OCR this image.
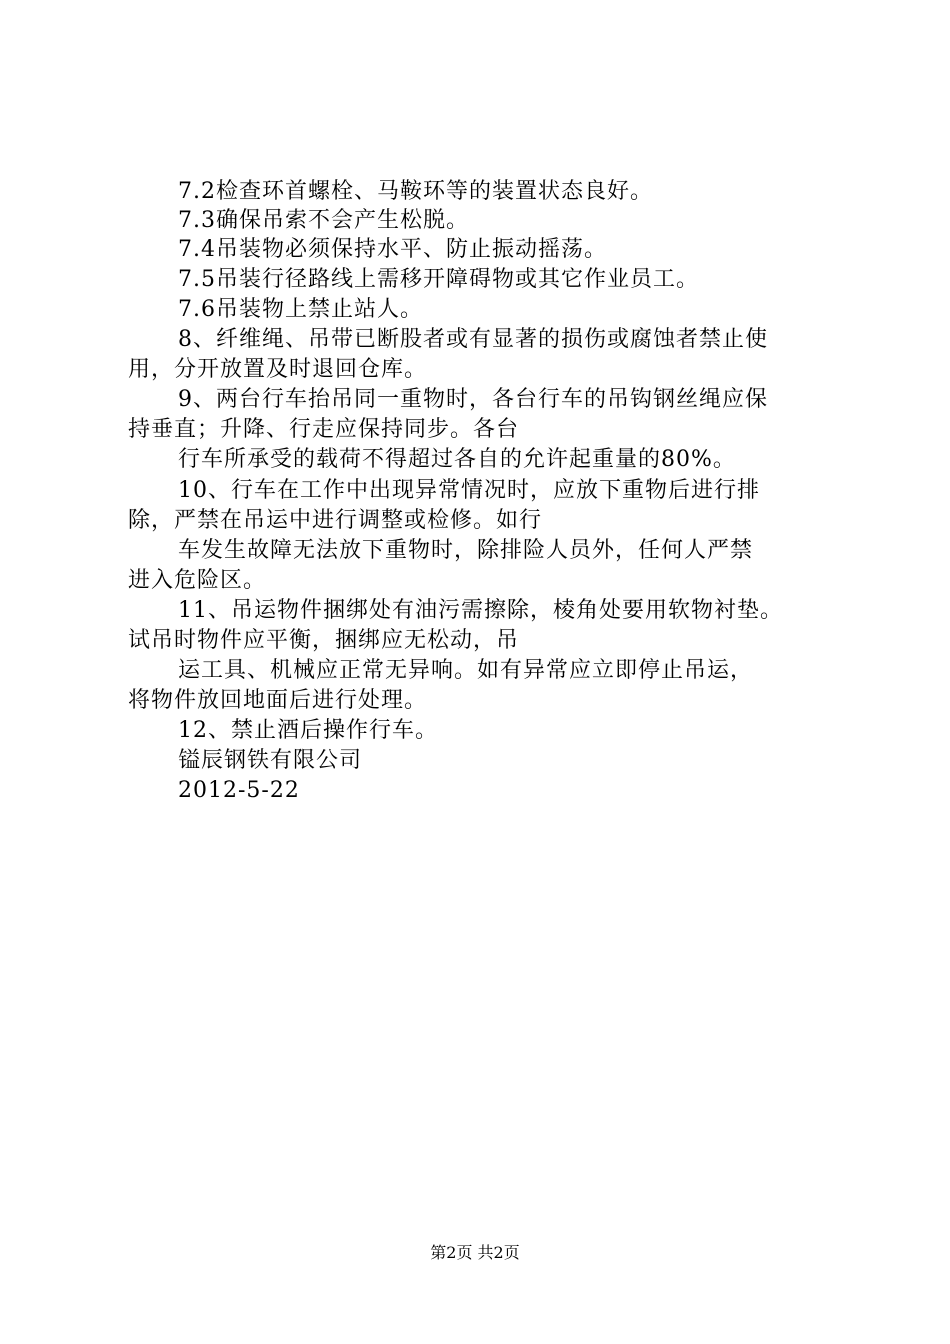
7.2检查环首螺栓、马鞍环等的装置状态良好。
7.3确保吊索不会产生松脱。
7.4吊装物必须保持水平、防止振动摇荡。
7.5吊装行径路线上需移开障碍物或其它作业员工。
7.6吊装物上禁止站人。
8、纤维绳、吊带已断股者或有显著的损伤或腐蚀者禁止使
用，分开放置及时退回仓库。
9、两台行车抬吊同一重物时，各台行车的吊钩钢丝绳应保
持垂直；升降、行走应保持同步。各台
行车所承受的载荷不得超过各自的允许起重量的80%。
10、行车在工作中出现异常情况时，应放下重物后进行排
除，严禁在吊运中进行调整或检修。如行
车发生故障无法放下重物时，除排险人员外，任何人严禁
进入危险区。
11、吊运物件捆绑处有油污需擦除，棱角处要用软物衬垫。
试吊时物件应平衡，捆绑应无松动，吊
运工具、机械应正常无异响。如有异常应立即停止吊运，
将物件放回地面后进行处理。
12、禁止酒后操作行车。
镒辰钢铁有限公司
2012-5-22
第2页 共2页
